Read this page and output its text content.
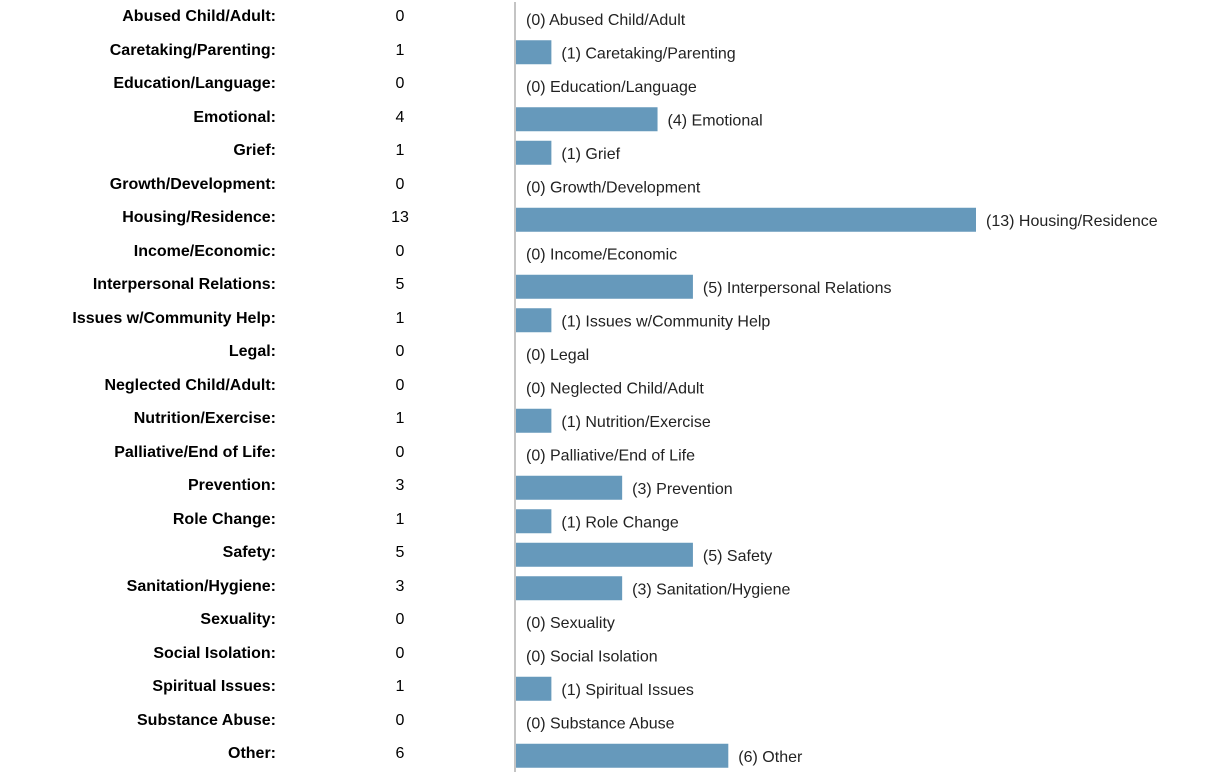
Abused Child/Adult:	0
Caretaking/Parenting:	1
Education/Language:	0
Emotional:	4
Grief:	1
Growth/Development:	0
Housing/Residence:	13
Income/Economic:	0
Interpersonal Relations:	5
Issues w/Community Help:	1
Legal:	0
Neglected Child/Adult:	0
Nutrition/Exercise:	1
Palliative/End of Life:	0
Prevention:	3
Role Change:	1
Safety:	5
Sanitation/Hygiene:	3
Sexuality:	0
Social Isolation:	0
Spiritual Issues:	1
Substance Abuse:	0
Other:	6
(0) Abused Child/Adult
(1) Caretaking/Parenting
(0) Education/Language
(4) Emotional
(1) Grief
(0) Growth/Development
(13) Housing/Residence
(0) Income/Economic
(5) Interpersonal Relations
(1) Issues w/Community Help
(0) Legal
(0) Neglected Child/Adult
(1) Nutrition/Exercise
(0) Palliative/End of Life
(3) Prevention
(1) Role Change
(5) Safety
(3) Sanitation/Hygiene
(0) Sexuality
(0) Social Isolation
(1) Spiritual Issues
(0) Substance Abuse
(6) Other
